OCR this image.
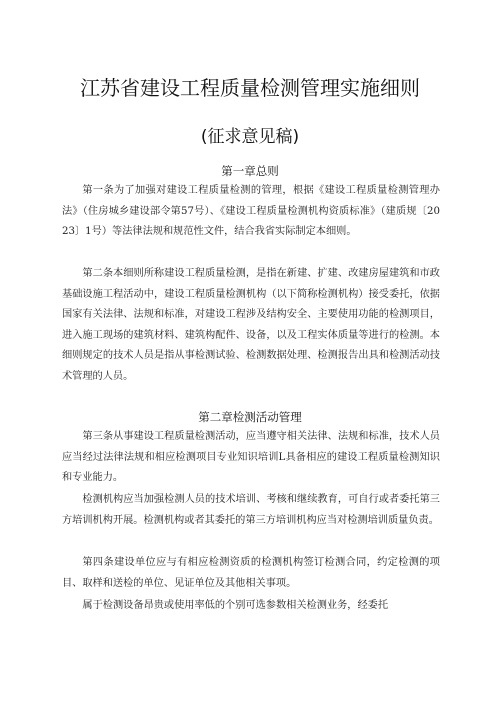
江苏省建设工程质量检测管理实施细则
(征求意见稿)
第一章总则

第一条为了加强对建设工程质量检测的管理，根据《建设工程质量检测管理办法》（住房城乡建设部令第57号）、《建设工程质量检测机构资质标准》（建质规〔2023〕1号）等法律法规和规范性文件，结合我省实际制定本细则。

第二条本细则所称建设工程质量检测，是指在新建、扩建、改建房屋建筑和市政基础设施工程活动中，建设工程质量检测机构（以下简称检测机构）接受委托，依据国家有关法律、法规和标准，对建设工程涉及结构安全、主要使用功能的检测项目，进入施工现场的建筑材料、建筑构配件、设备，以及工程实体质量等进行的检测。本细则规定的技术人员是指从事检测试验、检测数据处理、检测报告出具和检测活动技术管理的人员。

第二章检测活动管理

第三条从事建设工程质量检测活动，应当遵守相关法律、法规和标准，技术人员应当经过法律法规和相应检测项目专业知识培训L具备相应的建设工程质量检测知识和专业能力。

检测机构应当加强检测人员的技术培训、考核和继续教育，可自行或者委托第三方培训机构开展。检测机构或者其委托的第三方培训机构应当对检测培训质量负责。

第四条建设单位应与有相应检测资质的检测机构签订检测合同，约定检测的项目、取样和送检的单位、见证单位及其他相关事项。

属于检测设备昂贵或使用率低的个别可选参数相关检测业务，经委托
